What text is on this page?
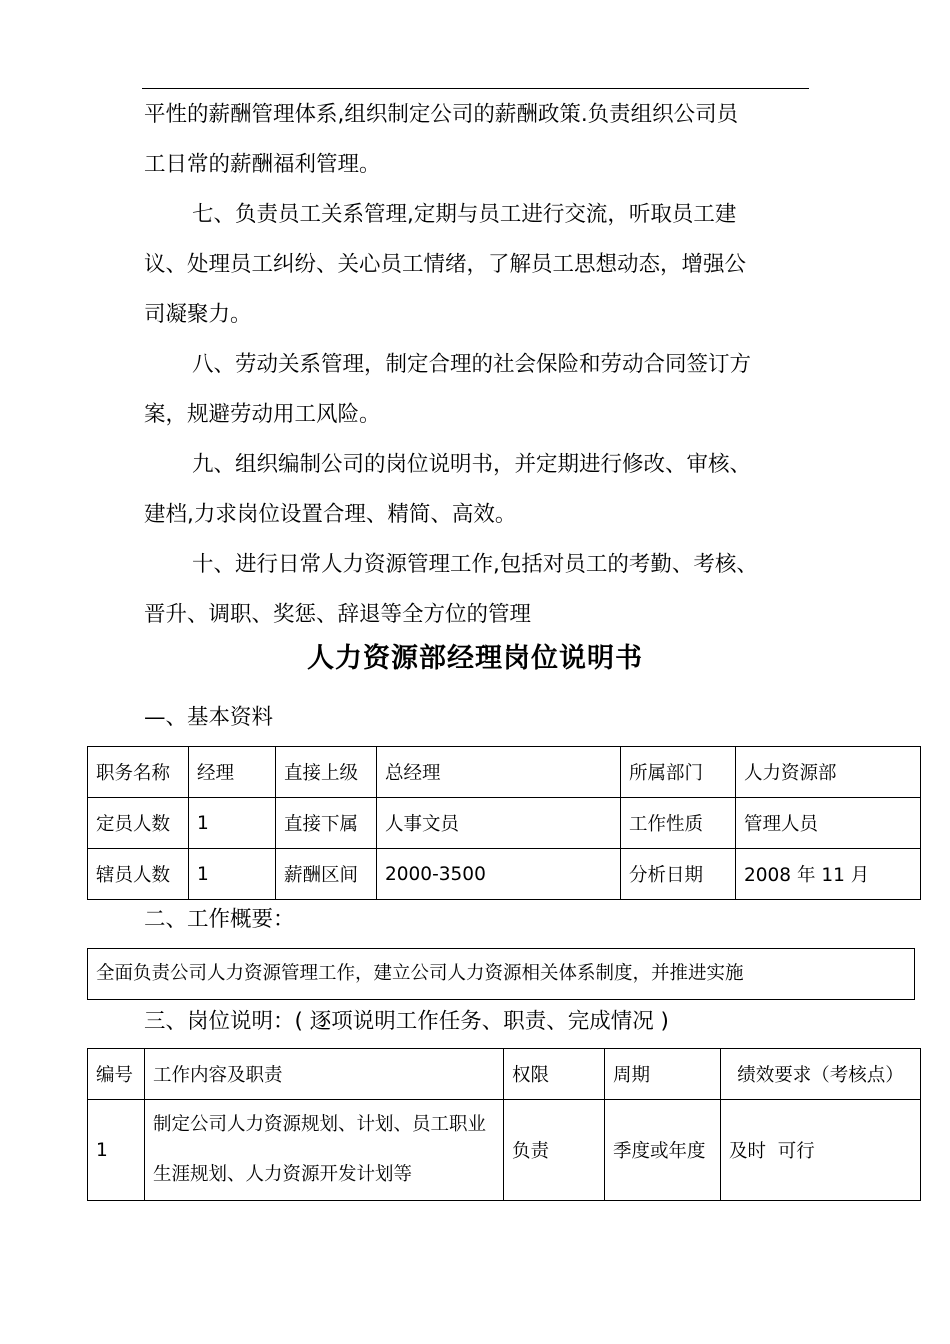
平性的薪酬管理体系,组织制定公司的薪酬政策.负责组织公司员

工日常的薪酬福利管理。

七、负责员工关系管理,定期与员工进行交流，听取员工建

议、处理员工纠纷、关心员工情绪，了解员工思想动态，增强公

司凝聚力。

八、劳动关系管理，制定合理的社会保险和劳动合同签订方

案，规避劳动用工风险。

九、组织编制公司的岗位说明书，并定期进行修改、审核、

建档,力求岗位设置合理、精简、高效。

十、进行日常人力资源管理工作,包括对员工的考勤、考核、

晋升、调职、奖惩、辞退等全方位的管理

人力资源部经理岗位说明书

—、基本资料

职务名称	经理	直接上级	总经理	所属部门	人力资源部
定员人数	1	直接下属	人事文员	工作性质	管理人员
辖员人数	1	薪酬区间	2000-3500	分析日期	2008 年 11 月

二、工作概要：

全面负责公司人力资源管理工作，建立公司人力资源相关体系制度，并推进实施

三、岗位说明：( 逐项说明工作任务、职责、完成情况 )

编号	工作内容及职责	权限	周期	绩效要求（考核点）
1	制定公司人力资源规划、计划、员工职业
生涯规划、人力资源开发计划等	负责	季度或年度	及时  可行
